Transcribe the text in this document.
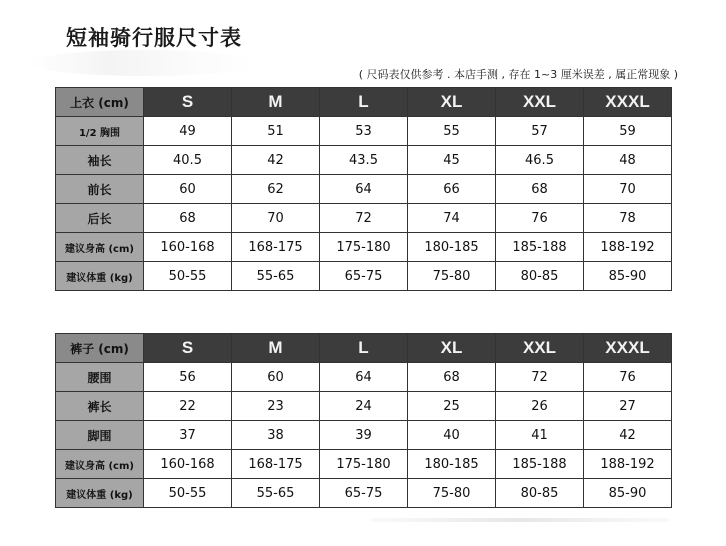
短袖骑行服尺寸表
( 尺码表仅供参考 . 本店手测 , 存在 1~3 厘米误差 , 属正常现象 )
上衣 (cm)	S	M	L	XL	XXL	XXXL
1/2 胸围	49	51	53	55	57	59
袖长	40.5	42	43.5	45	46.5	48
前长	60	62	64	66	68	70
后长	68	70	72	74	76	78
建议身高 (cm)	160-168	168-175	175-180	180-185	185-188	188-192
建议体重 (kg)	50-55	55-65	65-75	75-80	80-85	85-90
裤子 (cm)	S	M	L	XL	XXL	XXXL
腰围	56	60	64	68	72	76
裤长	22	23	24	25	26	27
脚围	37	38	39	40	41	42
建议身高 (cm)	160-168	168-175	175-180	180-185	185-188	188-192
建议体重 (kg)	50-55	55-65	65-75	75-80	80-85	85-90
